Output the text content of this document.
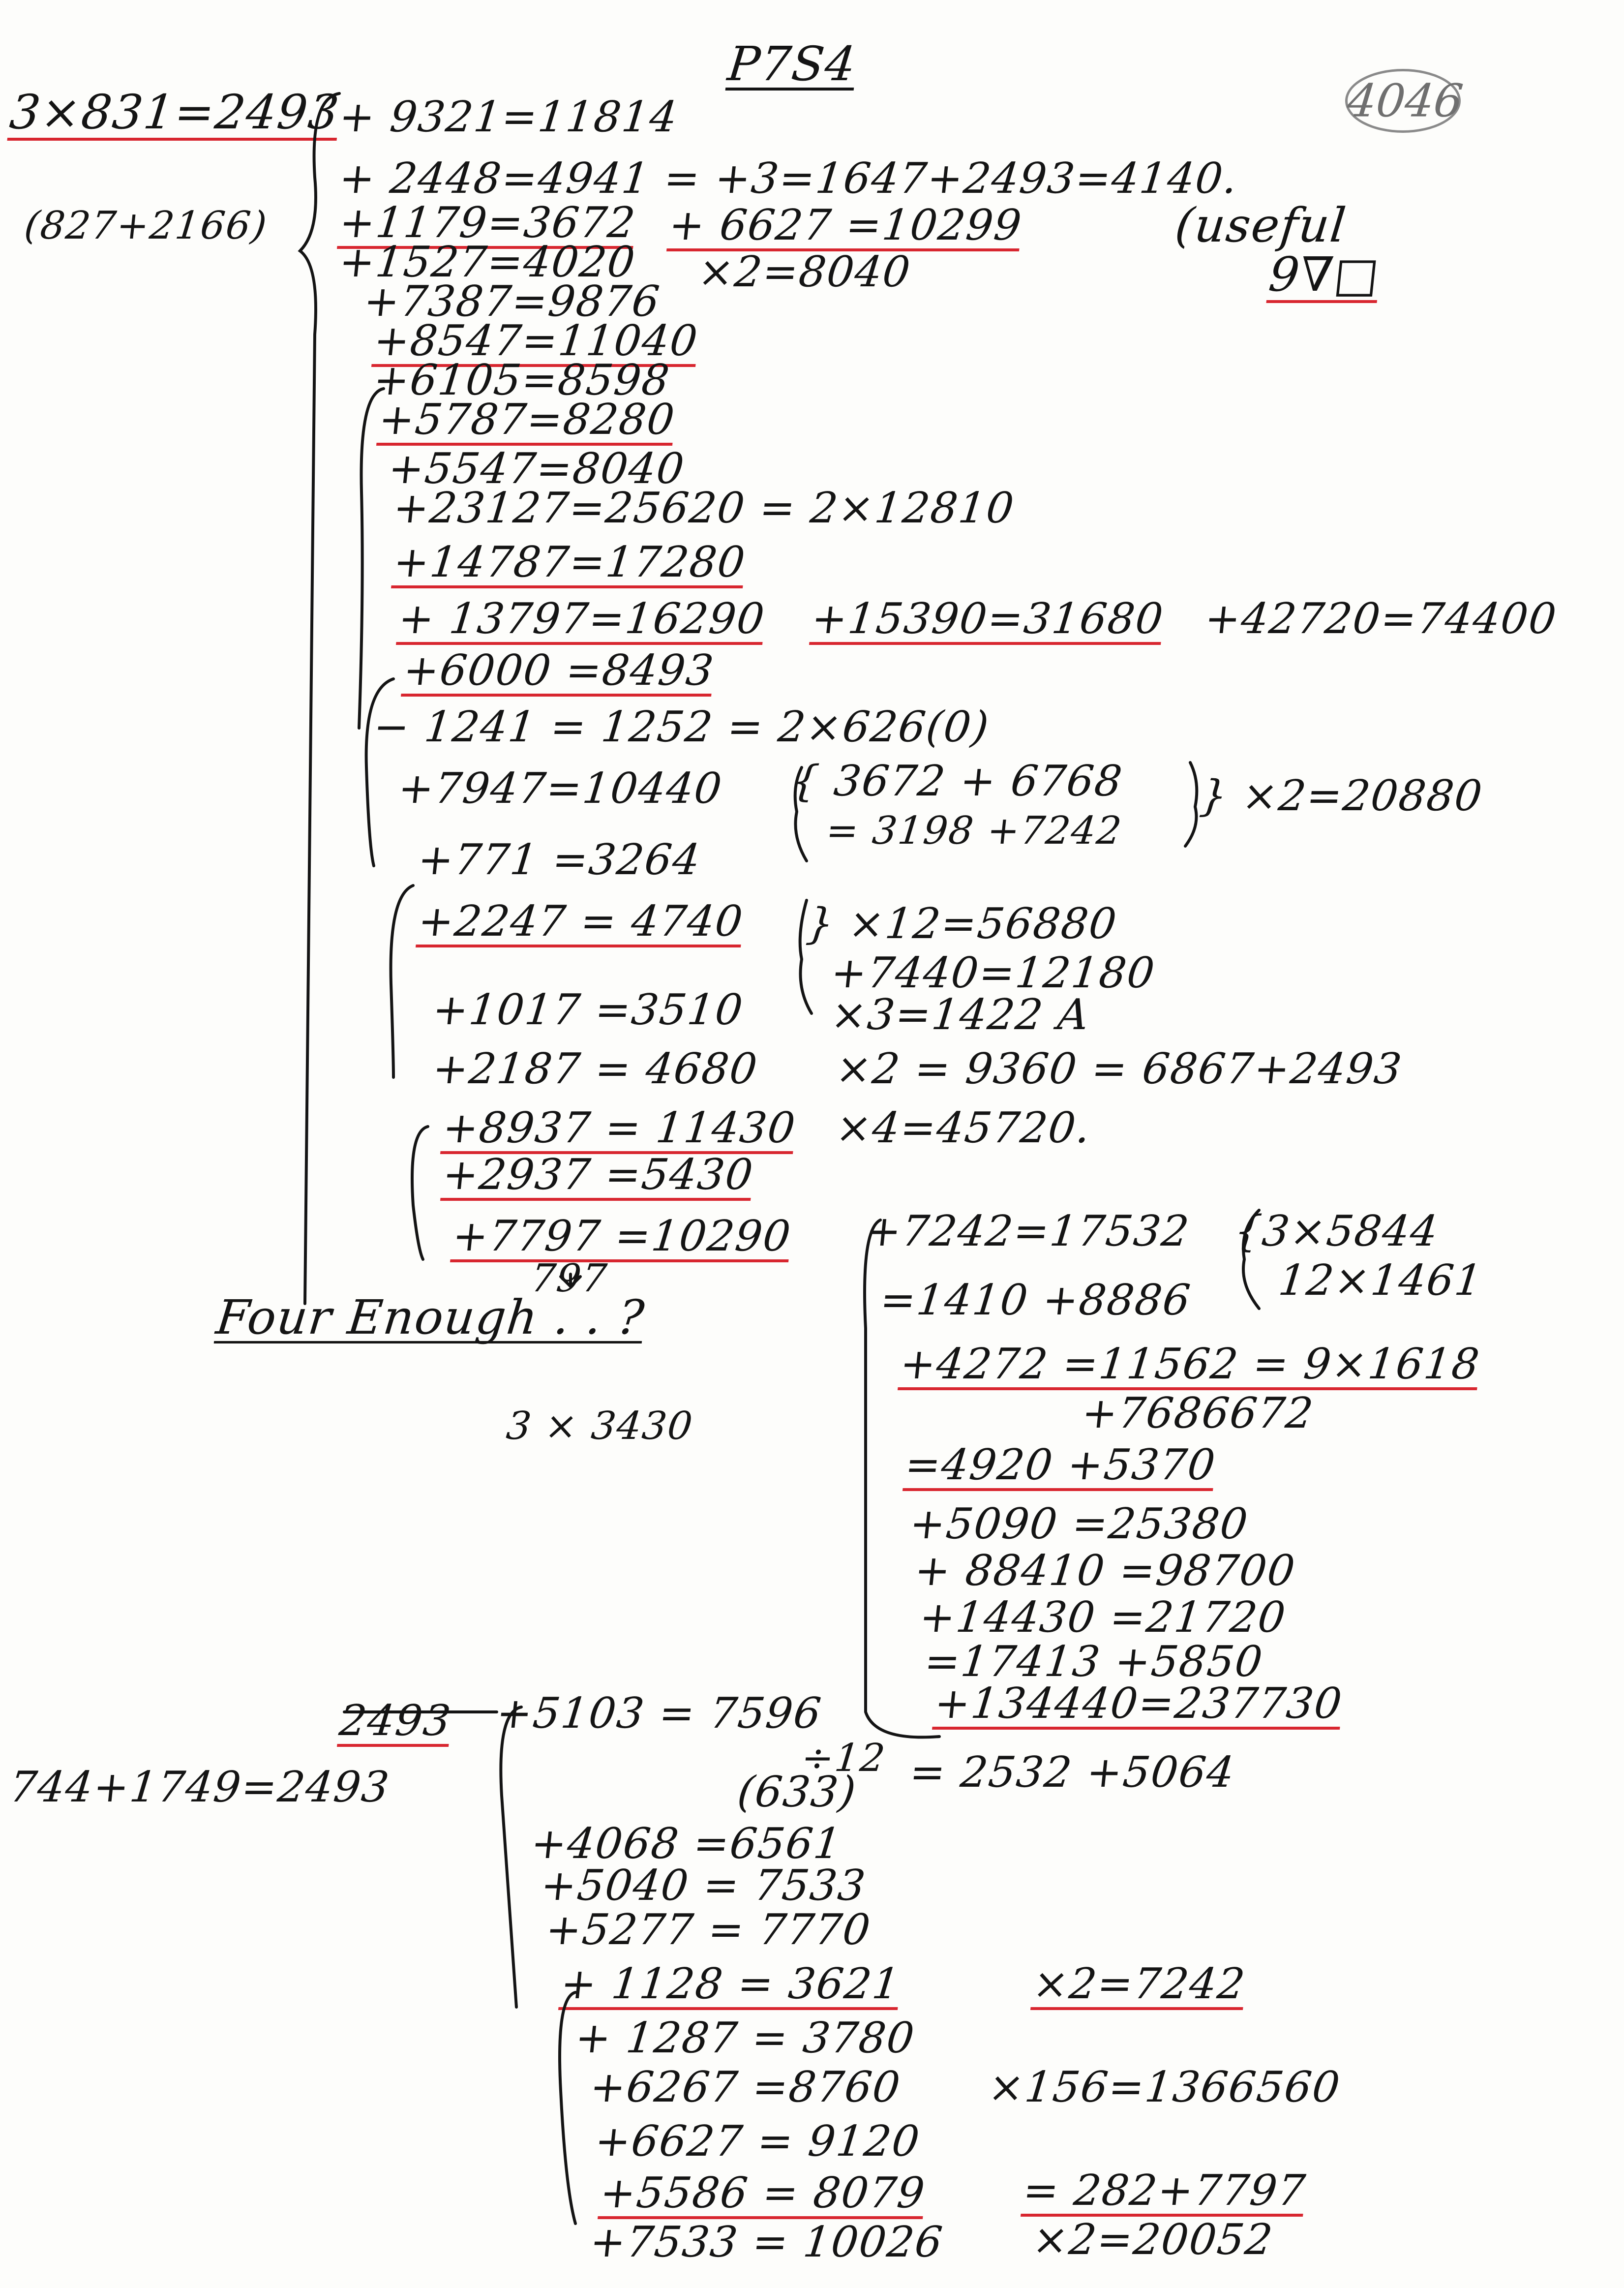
P7S4
4046
3×831=2493
(827+2166)	(useful
9∇□
Four Enough . . ?
3 × 3430
744+1749=2493
2493
+ 9321=11814
+ 2448=4941 = +3=1647+2493=4140.
+1179=3672 + 6627 =10299
+1527=4020 ×2=8040
+7387=9876
+8547=11040
+6105=8598
+5787=8280
+5547=8040
+23127=25620 = 2×12810
+14787=17280
+ 13797=16290 +15390=31680 +42720=74400
+6000 =8493
− 1241 = 1252 = 2×626(0)
+7947=10440 { 3672 + 6768
= 3198 +7242
} ×2=20880
+771 =3264
+2247 = 4740 } ×12=56880
+7440=12180
+1017 =3510 ×3=1422 A
+2187 = 4680 ×2 = 9360 = 6867+2493
+8937 = 11430 ×4=45720.
+2937 =5430
+7797 =10290
797
+7242=17532 {3×5844
12×1461
=1410 +8886
+4272 =11562 = 9×1618
+7686672
=4920 +5370
+5090 =25380
+ 88410 =98700
+14430 =21720
=17413 +5850
+134440=237730
+5103 = 7596
÷12
(633) = 2532 +5064
+4068 =6561
+5040 = 7533
+5277 = 7770
+ 1128 = 3621	×2=7242
+ 1287 = 3780
+6267 =8760 ×156=1366560
+6627 = 9120
+5586 = 8079 = 282+7797
+7533 = 10026 ×2=20052
